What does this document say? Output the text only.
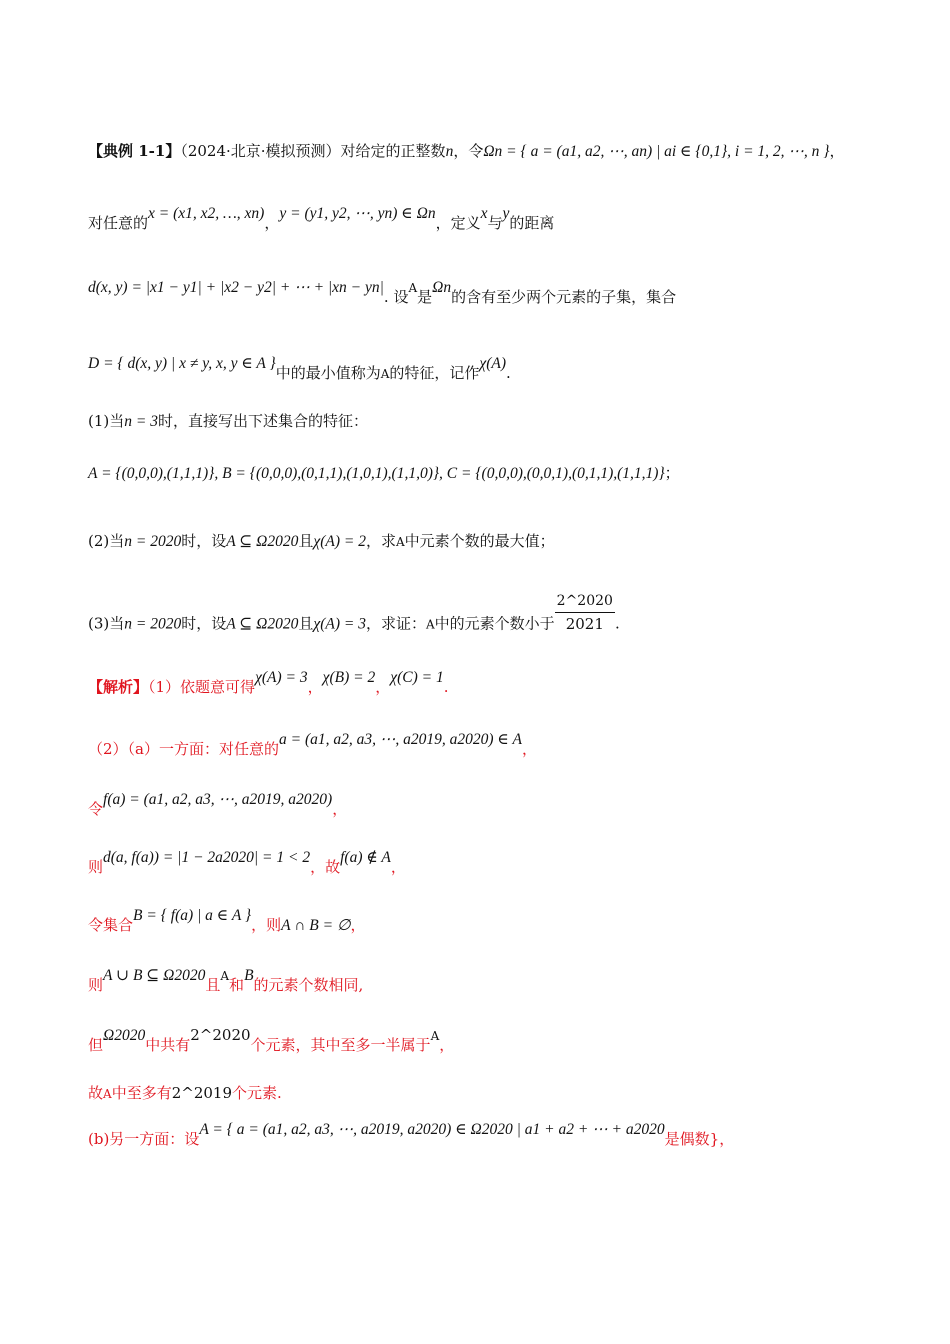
【典例 1-1】（2024·北京·模拟预测）对给定的正整数n，令Ωn = { a = (a1, a2, ⋯, an) | ai ∈ {0,1}, i = 1, 2, ⋯, n }，
对任意的x = (x1, x2, …, xn)，y = (y1, y2, ⋯, yn) ∈ Ωn，定义x与y的距离
d(x, y) = |x1 − y1| + |x2 − y2| + ⋯ + |xn − yn|. 设$^A$是Ωn的含有至少两个元素的子集，集合
D = { d(x, y) | x ≠ y, x, y ∈ A }中的最小值称为A的特征，记作χ(A).
(1)当n = 3时，直接写出下述集合的特征：
A = {(0,0,0),(1,1,1)}, B = {(0,0,0),(0,1,1),(1,0,1),(1,1,0)}, C = {(0,0,0),(0,0,1),(0,1,1),(1,1,1)}；
(2)当n = 2020时，设A ⊆ Ω2020且χ(A) = 2，求A中元素个数的最大值；
(3)当n = 2020时，设A ⊆ Ω2020且χ(A) = 3，求证：A中的元素个数小于 $\frac{2\^{}2020}{2021}$ .
【解析】（1）依题意可得χ(A) = 3，χ(B) = 2，χ(C) = 1.
（2）（a）一方面：对任意的a = (a1, a2, a3, ⋯, a2019, a2020) ∈ A，
令f(a) = (a1, a2, a3, ⋯, a2019, a2020)，
则d(a, f(a)) = |1 − 2a2020| = 1 < 2，故f(a) ∉ A，
令集合B = { f(a) | a ∈ A }，则A ∩ B = ∅，
则A ∪ B ⊆ Ω2020且$^A$和B的元素个数相同,
但Ω2020中共有2^2020个元素，其中至多一半属于$^A$，
故A中至多有2^2019个元素.
(b)另一方面：设A = { a = (a1, a2, a3, ⋯, a2019, a2020) ∈ Ω2020 | a1 + a2 + ⋯ + a2020是偶数}，
